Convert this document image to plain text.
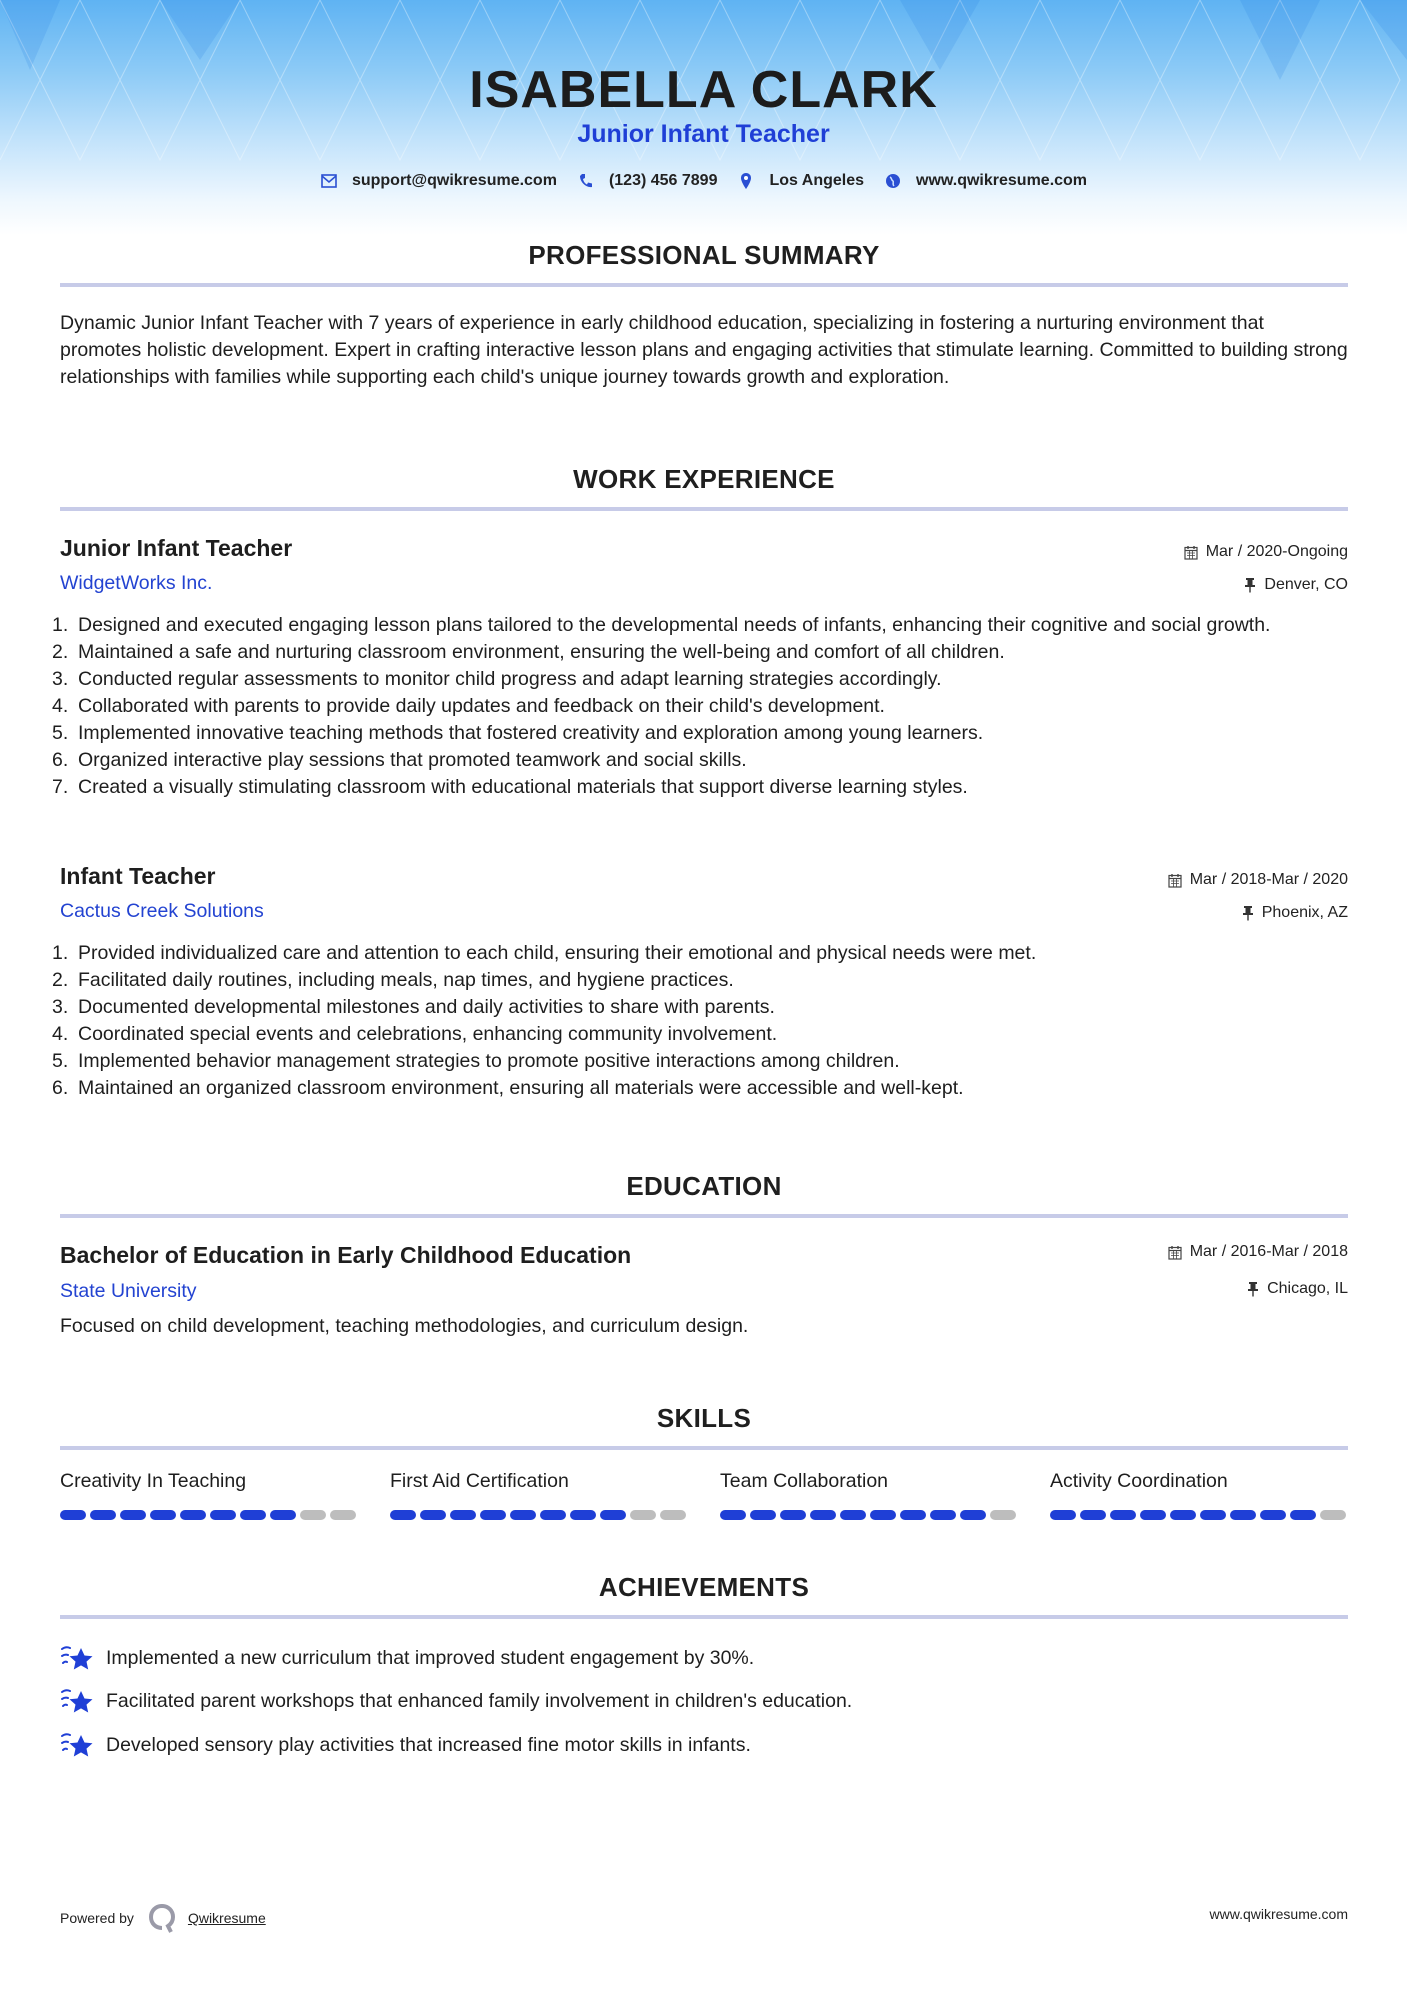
ISABELLA CLARK
Junior Infant Teacher
support@qwikresume.com	(123) 456 7899	Los Angeles	www.qwikresume.com
PROFESSIONAL SUMMARY
Dynamic Junior Infant Teacher with 7 years of experience in early childhood education, specializing in fostering a nurturing environment that promotes holistic development. Expert in crafting interactive lesson plans and engaging activities that stimulate learning. Committed to building strong relationships with families while supporting each child's unique journey towards growth and exploration.
WORK EXPERIENCE
Junior Infant Teacher	Mar / 2020-Ongoing
WidgetWorks Inc.	Denver, CO
1. Designed and executed engaging lesson plans tailored to the developmental needs of infants, enhancing their cognitive and social growth.
2. Maintained a safe and nurturing classroom environment, ensuring the well-being and comfort of all children.
3. Conducted regular assessments to monitor child progress and adapt learning strategies accordingly.
4. Collaborated with parents to provide daily updates and feedback on their child's development.
5. Implemented innovative teaching methods that fostered creativity and exploration among young learners.
6. Organized interactive play sessions that promoted teamwork and social skills.
7. Created a visually stimulating classroom with educational materials that support diverse learning styles.
Infant Teacher	Mar / 2018-Mar / 2020
Cactus Creek Solutions	Phoenix, AZ
1. Provided individualized care and attention to each child, ensuring their emotional and physical needs were met.
2. Facilitated daily routines, including meals, nap times, and hygiene practices.
3. Documented developmental milestones and daily activities to share with parents.
4. Coordinated special events and celebrations, enhancing community involvement.
5. Implemented behavior management strategies to promote positive interactions among children.
6. Maintained an organized classroom environment, ensuring all materials were accessible and well-kept.
EDUCATION
Bachelor of Education in Early Childhood Education	Mar / 2016-Mar / 2018
State University	Chicago, IL
Focused on child development, teaching methodologies, and curriculum design.
SKILLS
Creativity In Teaching	First Aid Certification	Team Collaboration	Activity Coordination
ACHIEVEMENTS
Implemented a new curriculum that improved student engagement by 30%.
Facilitated parent workshops that enhanced family involvement in children's education.
Developed sensory play activities that increased fine motor skills in infants.
Powered by	Qwikresume	www.qwikresume.com
